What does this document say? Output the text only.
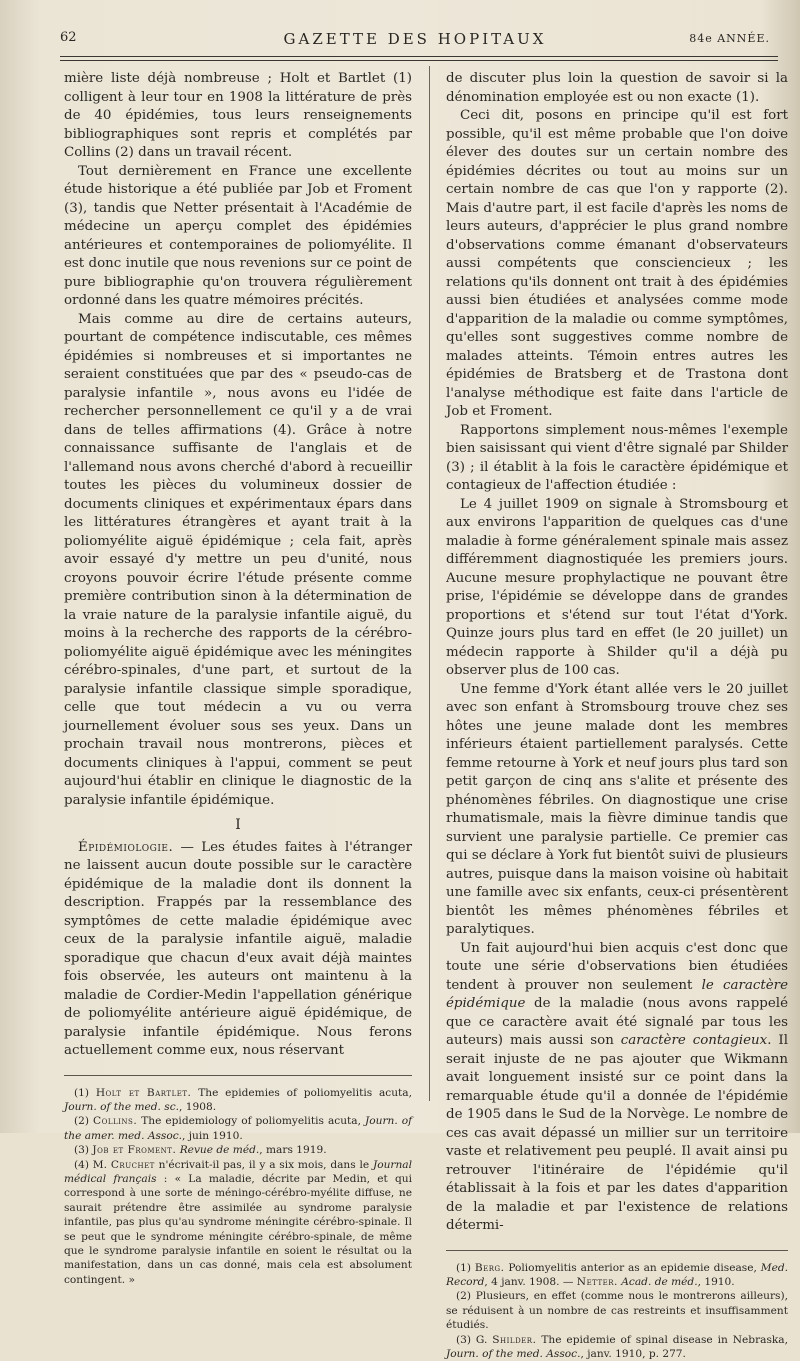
62	GAZETTE DES HOPITAUX	84e ANNÉE.

mière liste déjà nombreuse ; Holt et Bartlet (1) colligent à leur tour en 1908 la littérature de près de 40 épidémies, tous leurs renseignements bibliographiques sont repris et complétés par Collins (2) dans un travail récent.

Tout dernièrement en France une excellente étude historique a été publiée par Job et Froment (3), tandis que Netter présentait à l'Académie de médecine un aperçu complet des épidémies antérieures et contemporaines de poliomyélite. Il est donc inutile que nous revenions sur ce point de pure bibliographie qu'on trouvera régulièrement ordonné dans les quatre mémoires précités.

Mais comme au dire de certains auteurs, pourtant de compétence indiscutable, ces mêmes épidémies si nombreuses et si importantes ne seraient constituées que par des « pseudo-cas de paralysie infantile », nous avons eu l'idée de rechercher personnellement ce qu'il y a de vrai dans de telles affirmations (4). Grâce à notre connaissance suffisante de l'anglais et de l'allemand nous avons cherché d'abord à recueillir toutes les pièces du volumineux dossier de documents cliniques et expérimentaux épars dans les littératures étrangères et ayant trait à la poliomyélite aiguë épidémique ; cela fait, après avoir essayé d'y mettre un peu d'unité, nous croyons pouvoir écrire l'étude présente comme première contribution sinon à la détermination de la vraie nature de la paralysie infantile aiguë, du moins à la recherche des rapports de la cérébro-poliomyélite aiguë épidémique avec les méningites cérébro-spinales, d'une part, et surtout de la paralysie infantile classique simple sporadique, celle que tout médecin a vu ou verra journellement évoluer sous ses yeux. Dans un prochain travail nous montrerons, pièces et documents cliniques à l'appui, comment se peut aujourd'hui établir en clinique le diagnostic de la paralysie infantile épidémique.

I

Épidémiologie. — Les études faites à l'étranger ne laissent aucun doute possible sur le caractère épidémique de la maladie dont ils donnent la description. Frappés par la ressemblance des symptômes de cette maladie épidémique avec ceux de la paralysie infantile aiguë, maladie sporadique que chacun d'eux avait déjà maintes fois observée, les auteurs ont maintenu à la maladie de Cordier-Medin l'appellation générique de poliomyélite antérieure aiguë épidémique, de paralysie infantile épidémique. Nous ferons actuellement comme eux, nous réservant

(1) Holt et Bartlet. The epidemies of poliomyelitis acuta, Journ. of the med. sc., 1908.

(2) Collins. The epidemiology of poliomyelitis acuta, Journ. of the amer. med. Assoc., juin 1910.

(3) Job et Froment. Revue de méd., mars 1919.

(4) M. Cruchet n'écrivait-il pas, il y a six mois, dans le Journal médical français : « La maladie, décrite par Medin, et qui correspond à une sorte de méningo-cérébro-myélite diffuse, ne saurait prétendre être assimilée au syndrome paralysie infantile, pas plus qu'au syndrome méningite cérébro-spinale. Il se peut que le syndrome méningite cérébro-spinale, de même que le syndrome paralysie infantile en soient le résultat ou la manifestation, dans un cas donné, mais cela est absolument contingent. »

de discuter plus loin la question de savoir si la dénomination employée est ou non exacte (1).

Ceci dit, posons en principe qu'il est fort possible, qu'il est même probable que l'on doive élever des doutes sur un certain nombre des épidémies décrites ou tout au moins sur un certain nombre de cas que l'on y rapporte (2). Mais d'autre part, il est facile d'après les noms de leurs auteurs, d'apprécier le plus grand nombre d'observations comme émanant d'observateurs aussi compétents que consciencieux ; les relations qu'ils donnent ont trait à des épidémies aussi bien étudiées et analysées comme mode d'apparition de la maladie ou comme symptômes, qu'elles sont suggestives comme nombre de malades atteints. Témoin entres autres les épidémies de Bratsberg et de Trastona dont l'analyse méthodique est faite dans l'article de Job et Froment.

Rapportons simplement nous-mêmes l'exemple bien saisissant qui vient d'être signalé par Shilder (3) ; il établit à la fois le caractère épidémique et contagieux de l'affection étudiée :

Le 4 juillet 1909 on signale à Stromsbourg et aux environs l'apparition de quelques cas d'une maladie à forme généralement spinale mais assez différemment diagnostiquée les premiers jours. Aucune mesure prophylactique ne pouvant être prise, l'épidémie se développe dans de grandes proportions et s'étend sur tout l'état d'York. Quinze jours plus tard en effet (le 20 juillet) un médecin rapporte à Shilder qu'il a déjà pu observer plus de 100 cas.

Une femme d'York étant allée vers le 20 juillet avec son enfant à Stromsbourg trouve chez ses hôtes une jeune malade dont les membres inférieurs étaient partiellement paralysés. Cette femme retourne à York et neuf jours plus tard son petit garçon de cinq ans s'alite et présente des phénomènes fébriles. On diagnostique une crise rhumatismale, mais la fièvre diminue tandis que survient une paralysie partielle. Ce premier cas qui se déclare à York fut bientôt suivi de plusieurs autres, puisque dans la maison voisine où habitait une famille avec six enfants, ceux-ci présentèrent bientôt les mêmes phénomènes fébriles et paralytiques.

Un fait aujourd'hui bien acquis c'est donc que toute une série d'observations bien étudiées tendent à prouver non seulement le caractère épidémique de la maladie (nous avons rappelé que ce caractère avait été signalé par tous les auteurs) mais aussi son caractère contagieux. Il serait injuste de ne pas ajouter que Wikmann avait longuement insisté sur ce point dans la remarquable étude qu'il a donnée de l'épidémie de 1905 dans le Sud de la Norvège. Le nombre de ces cas avait dépassé un millier sur un territoire vaste et relativement peu peuplé. Il avait ainsi pu retrouver l'itinéraire de l'épidémie qu'il établissait à la fois et par les dates d'apparition de la maladie et par l'existence de relations détermi-

(1) Berg. Poliomyelitis anterior as an epidemie disease, Med. Record, 4 janv. 1908. — Netter. Acad. de méd., 1910.

(2) Plusieurs, en effet (comme nous le montrerons ailleurs), se réduisent à un nombre de cas restreints et insuffisamment étudiés.

(3) G. Shilder. The epidemie of spinal disease in Nebraska, Journ. of the med. Assoc., janv. 1910, p. 277.
